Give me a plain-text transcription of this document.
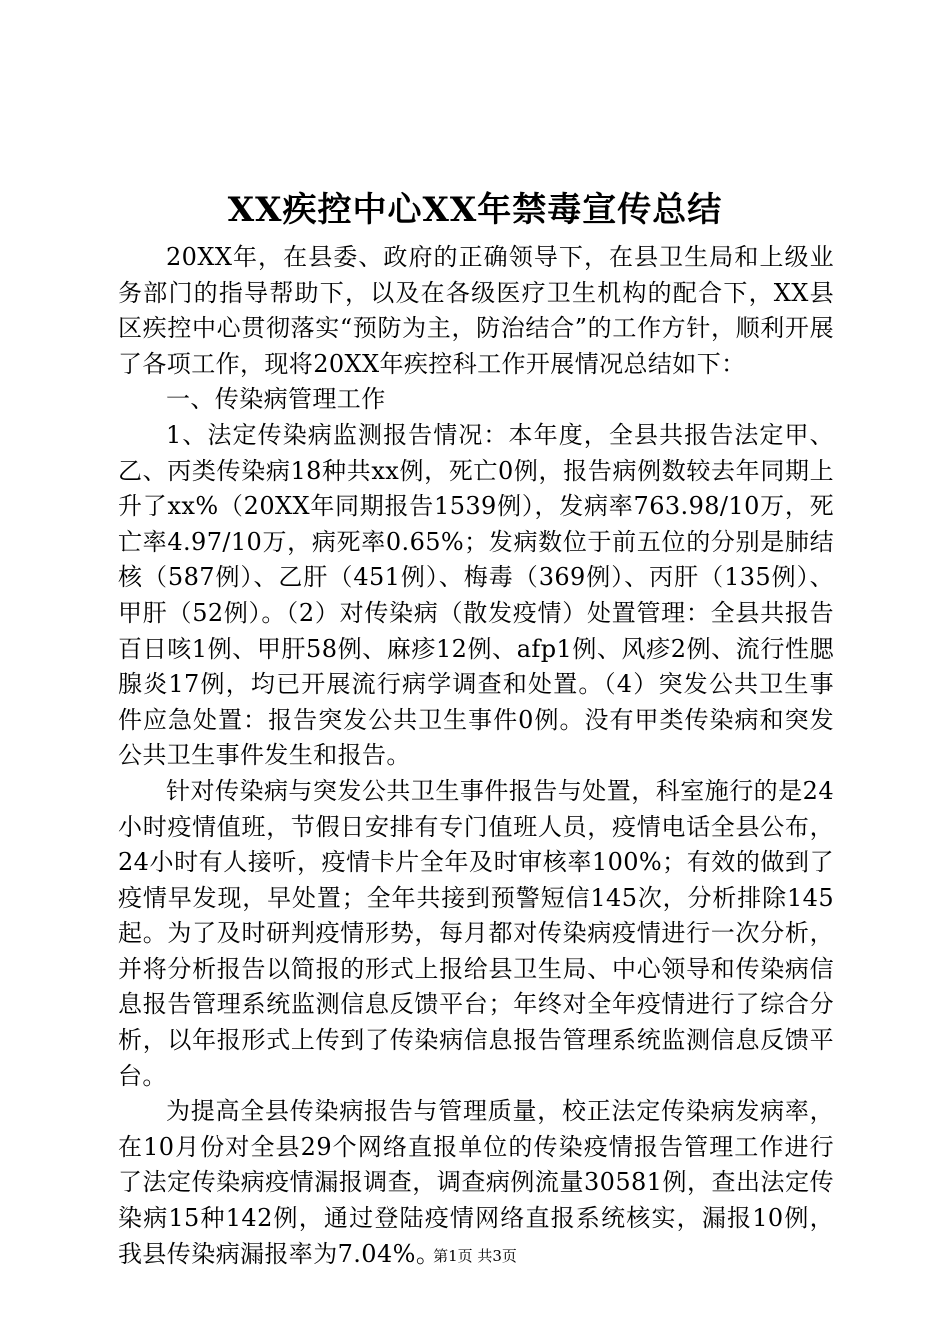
XX疾控中心XX年禁毒宣传总结

20XX年，在县委、政府的正确领导下，在县卫生局和上级业务部门的指导帮助下，以及在各级医疗卫生机构的配合下，XX县区疾控中心贯彻落实“预防为主，防治结合”的工作方针，顺利开展了各项工作，现将20XX年疾控科工作开展情况总结如下：

一、传染病管理工作

1、法定传染病监测报告情况：本年度，全县共报告法定甲、乙、丙类传染病18种共xx例，死亡0例，报告病例数较去年同期上升了xx%（20XX年同期报告1539例），发病率763.98/10万，死亡率4.97/10万，病死率0.65%；发病数位于前五位的分别是肺结核（587例）、乙肝（451例）、梅毒（369例）、丙肝（135例）、甲肝（52例）。（2）对传染病（散发疫情）处置管理：全县共报告百日咳1例、甲肝58例、麻疹12例、afp1例、风疹2例、流行性腮腺炎17例，均已开展流行病学调查和处置。（4）突发公共卫生事件应急处置：报告突发公共卫生事件0例。没有甲类传染病和突发公共卫生事件发生和报告。

针对传染病与突发公共卫生事件报告与处置，科室施行的是24小时疫情值班，节假日安排有专门值班人员，疫情电话全县公布，24小时有人接听，疫情卡片全年及时审核率100%；有效的做到了疫情早发现，早处置；全年共接到预警短信145次，分析排除145起。为了及时研判疫情形势，每月都对传染病疫情进行一次分析，并将分析报告以简报的形式上报给县卫生局、中心领导和传染病信息报告管理系统监测信息反馈平台；年终对全年疫情进行了综合分析，以年报形式上传到了传染病信息报告管理系统监测信息反馈平台。

为提高全县传染病报告与管理质量，校正法定传染病发病率，在10月份对全县29个网络直报单位的传染疫情报告管理工作进行了法定传染病疫情漏报调查，调查病例流量30581例，查出法定传染病15种142例，通过登陆疫情网络直报系统核实，漏报10例，我县传染病漏报率为7.04%。

第1页 共3页
